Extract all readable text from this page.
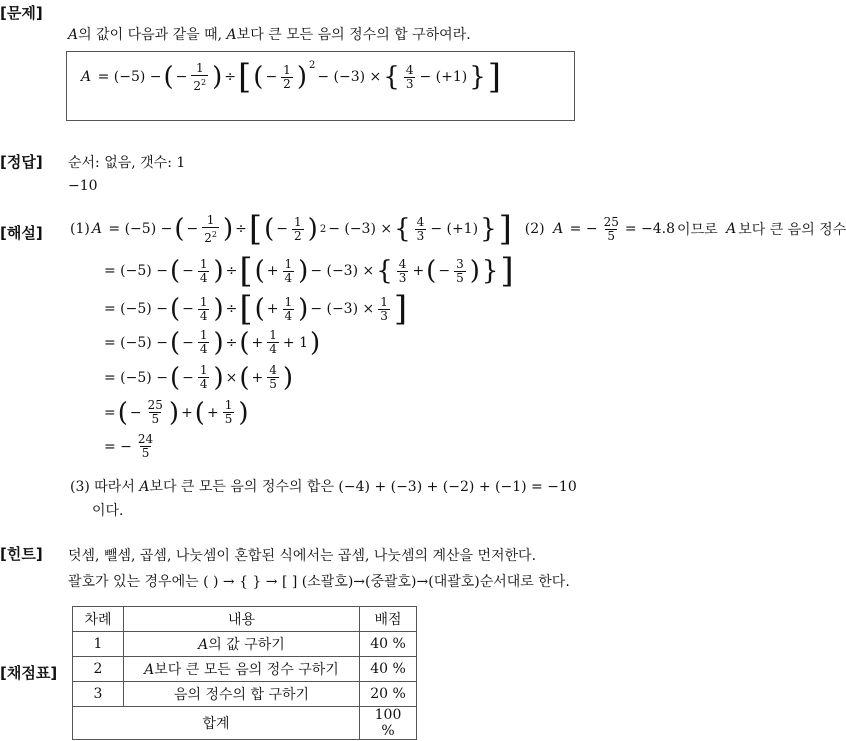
[문제]
[정답]
[해설]
[힌트]
[채점표]
A의 값이 다음과 같을 때, A보다 큰 모든 음의 정수의 합 구하여라.
A = (−5) − ( − $\frac{1}{2^2}$ ) ÷ [ ( − $\frac{1}{2} )^2$
− (−3) × { $\frac{4}{3} - (+1)$ } ]
순서: 없음, 갯수: 1
−10
(1) A = (−5) − ( − $\frac{1}{2^2}$ ) ÷ [ ( − $\frac{1}{2}$ ) 2 − (−3) × { $\frac{4}{3} - (+1)$ } ]
(2)
A = − $\frac{25}{5} = -4.8$ 이므로
A 보다 큰 음의 정수
= (−5) − ( − $\frac{1}{4}$ ) ÷ [ ( + $\frac{1}{4}$ ) − (−3) × { $\frac{4}{3}$ + ( − $\frac{3}{5}$ ) } ]
= (−5) − ( − $\frac{1}{4}$ ) ÷ [ ( + $\frac{1}{4}$ ) − $(-3) \times \frac{1}{3}$ ]
= (−5) − ( − $\frac{1}{4}$ ) ÷ ( + $\frac{1}{4} + 1$ )
= (−5) − ( − $\frac{1}{4}$ ) × ( + $\frac{4}{5}$ )
= ( − $\frac{25}{5}$ ) + ( + $\frac{1}{5}$ )
= − $\frac{24}{5}$
(3) 따라서 A보다 큰 모든 음의 정수의 합은 (−4) + (−3) + (−2) + (−1) = −10
이다.
덧셈, 뺄셈, 곱셈, 나눗셈이 혼합된 식에서는 곱셈, 나눗셈의 계산을 먼저한다.
괄호가 있는 경우에는 ( ) → { } → [ ] (소괄호)→(중괄호)→(대괄호)순서대로 한다.
차례	내용	배점
1	A의 값 구하기	40 %
2	A보다 큰 모든 음의 정수 구하기	40 %
3	음의 정수의 합 구하기	20 %
합계		100 %
